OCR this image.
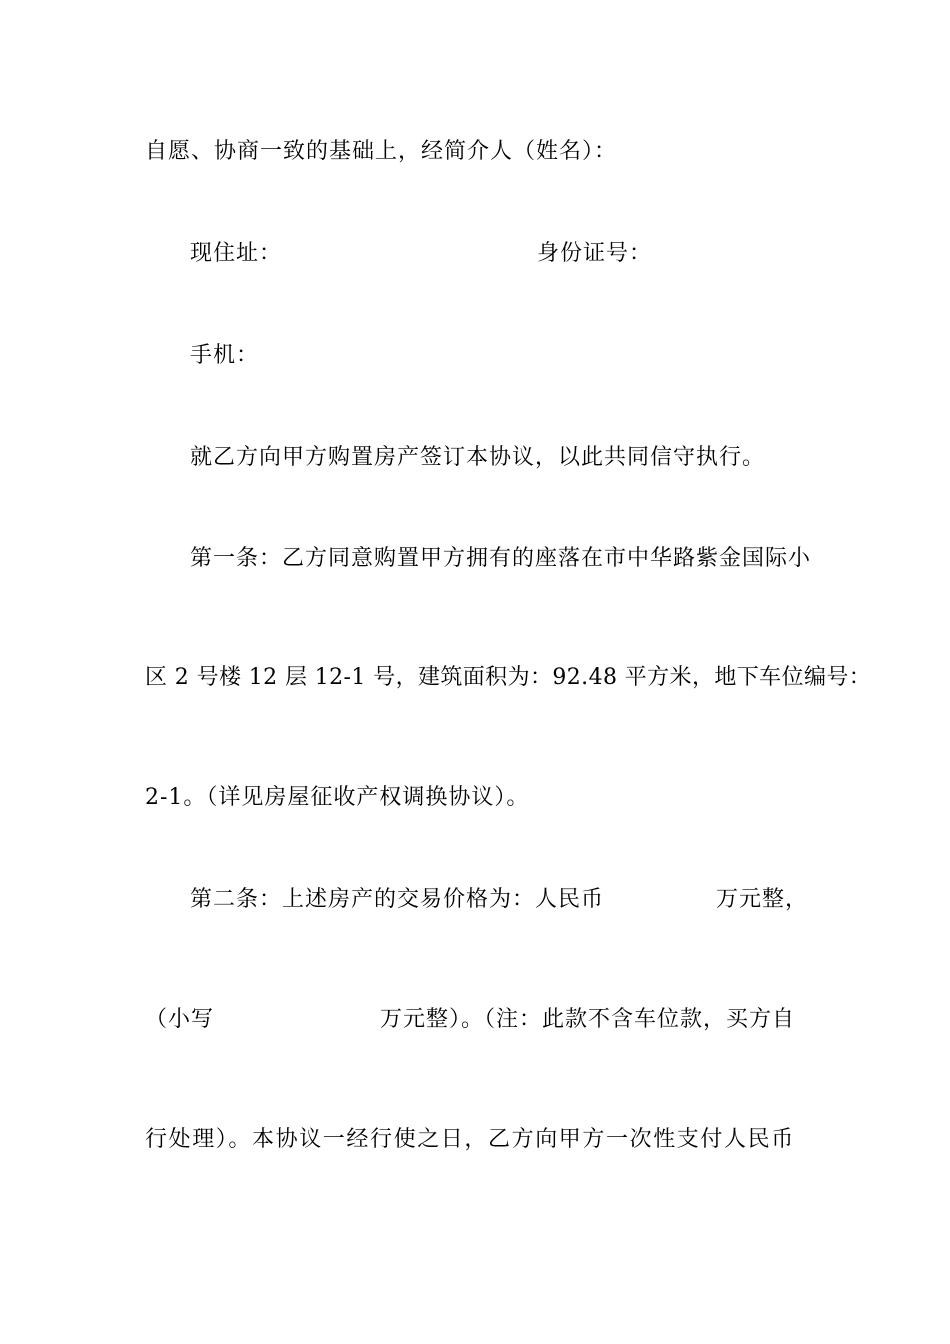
自愿、协商一致的基础上，经简介人（姓名）：
现住址：	身份证号：
手机：
就乙方向甲方购置房产签订本协议，以此共同信守执行。
第一条：乙方同意购置甲方拥有的座落在市中华路紫金国际小
区 2 号楼 12 层 12-1 号，建筑面积为：92.48 平方米，地下车位编号：
2-1。（详见房屋征收产权调换协议）。
第二条：上述房产的交易价格为：人民币	万元整，
（小写	万元整）。（注：此款不含车位款，买方自
行处理）。本协议一经行使之日，乙方向甲方一次性支付人民币
